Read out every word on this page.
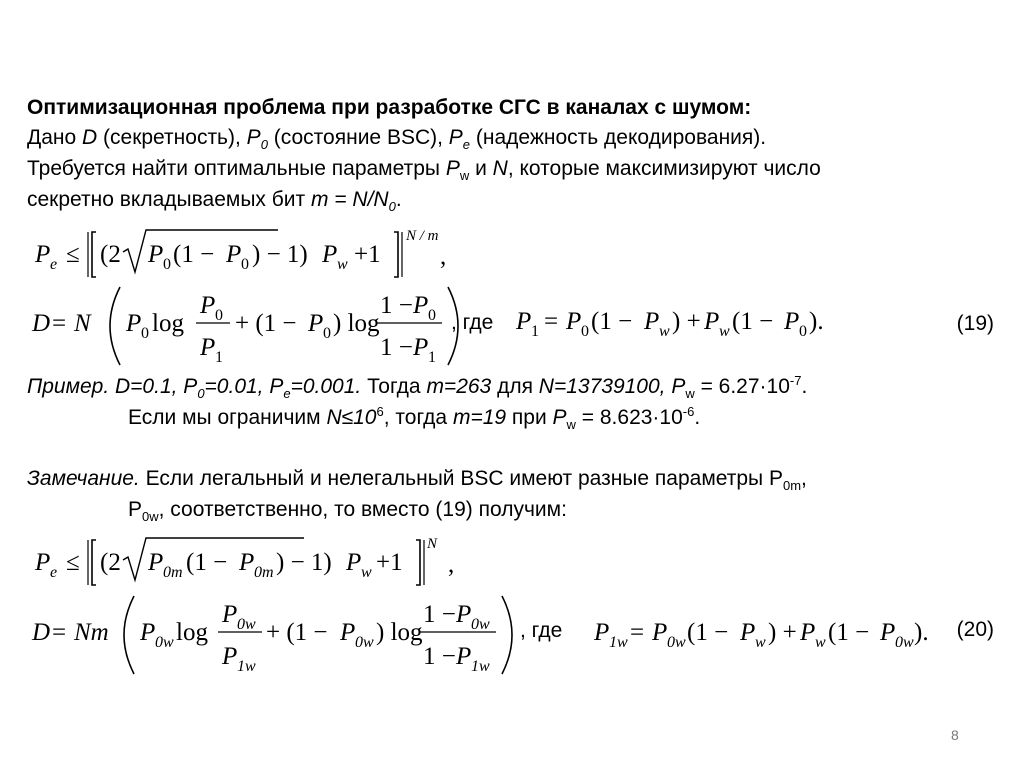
Оптимизационная проблема при разработке СГС в каналах с шумом:
Дано D (секретность), $P_0$ (состояние BSC), $P_e$ (надежность декодирования).
Требуется найти оптимальные параметры $P_w$ и N, которые максимизируют число
секретно вкладываемых бит $m = N/N_0$.
P e ≤ (2 P 0 (1 − P 0 ) − 1) P w +1
N / m
,
D = N P 0 log
P 0
P 1
+ (1 − P 0 ) log
1 − P 0
1 − P 1
, где P 1 = P 0 (1 − P w ) + P w (1 − P 0 ).	(19)
Пример. D=0.1, $P_0=0.01$, $P_e=0.001$. Тогда m=263 для N=13739100, $P_w = 6.27\cdot 10^{-7}$.
Если мы ограничим $N\le 10^6$, тогда m=19 при $P_w = 8.623\cdot 10^{-6}$.
Замечание. Если легальный и нелегальный BSC имеют разные параметры $P_{0m}$,
$P_{0w}$, соответственно, то вместо (19) получим:
P e ≤ (2 P 0m (1 − P 0m ) − 1) P w +1
N
,
D = Nm P 0w log
P 0w
P 1w
+ (1 − P 0w ) log
1 − P 0w
1 − P 1w
, где P 1w = P 0w (1 − P w ) + P w (1 − P 0w ). (20)
8
